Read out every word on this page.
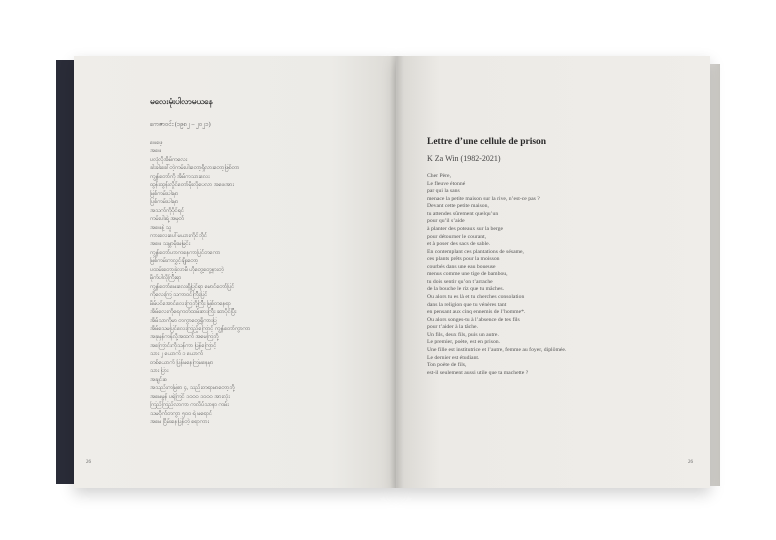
မလေးမုံးပါလာမယနေ
ကေဇာဝင်း (၁၉၈၂ – ၂၀၂၁)
ဖေဖေ့
အဖေ
ပလုံလိုအိမ်ကလေး
ခါးခါးခေါ်တဲ့ကမ်းပါးတော့ရှိလားတော့ဖြစ်တာ
ကျွန်တော်ကို အိမ်ကသားလေး
ထွန်းထွန်းလှိုင်တော်မိုးလိုပေလာ အဖေအား
မြစ်ကမ်းပါးမှာ
ပြစ်ကမ်းပါးမှာ
အသက်ကိုပိုင်ရင်
ကမ်းပါးရဲ့ အမှတ်
အဖေနဲ့ သူ
ကားလေးပေါ်မယားကိုင်ဘိုင်
အဖေ သမ္ဘာမိုးမမြင်း
ကျွန်တော်ဟာကနေကာပြင်တကော
မြစ်ကမ်းကလွှင့်ချိုးတော့
ပထမ်းတော့ခဲ့လာမိ ဟိုတွေ့တွေ့နားတဲ့
မိုက်ပါလိုကြီးရာ
ကျွန်တော်မေးလေးရှိပြင်ရာ မောင်တော်ပြင်
ကိုလေးကြ သကာဝင်ကြီးပြင်
မိမ်ပင်အောင်လေးကြဘို့ကြီး မြစ်တနေရာ
အိမ်လေးကိုရေကတ်ထမ်းစားကြီး ဆာပိုင်ပြီး
အိမ်သာကိုမာ တကွာတွေ့ရှိကားပြ
အိမ်သေမပြင်လေးကြည့်ကြောင့် ကျွန်တော်ကွာကာ
အခုမှန်ကန်လို့အထက် အမေကြဘို့
အကြောင်းကိုသန်ကာ ပြန်ကြောင့်
သား ၂ ယောက် ၁ ယောက်
တစ်ယောက် ပြန်မနေကြမနေမှာ
သား ပြား
အချင်းစ
အသည်းကမြစာ ၄, သည်းတရာမာတော့ဘို့
အမေမွန် ပရဲကြင် ၁၀၀၀ ၁၀၀၀ အားလုံး
ကြည်ကြည်လာကာ ကလိပ်သာနာ ကမ်း
သမဝိုက်တကွာ ၅၀၀ ရဲ မရောင်
အမေ ငြိမ်းနေပြန်တဲ့ ရောကား
Lettre d’une cellule de prison
K Za Win (1982-2021)
Cher Père,
Le fleuve étonné
par qui la sans
menace la petite maison sur la rive, n’est-ce pas ?
Devant cette petite maison,
tu attendes sûrement quelqu’un
pour qu’il s’aide
à planter des poteaux sur la berge
pour détourner le courant,
et à poser des sacs de sable.
En contemplant ces plantations de sésame,
ces plants prêts pour la moisson
courbés dans une eau boueuse
menus comme une tige de bambou,
tu dois sentir qu’on t’arrache
de la bouche le riz que tu mâches.
Ou alors tu es là et tu cherches consolation
dans la religion que tu vénères tant
en pensant aux cinq ennemis de l’homme*.
Ou alors songes-tu à l’absence de tes fils
pour t’aider à la tâche.
Un fils, deux fils, puis un autre.
Le premier, poète, est en prison.
Une fille est institutrice et l’autre, femme au foyer, diplômée.
Le dernier est étudiant.
Ton poète de fils,
est-il seulement aussi utile que ta machette ?
26	26
